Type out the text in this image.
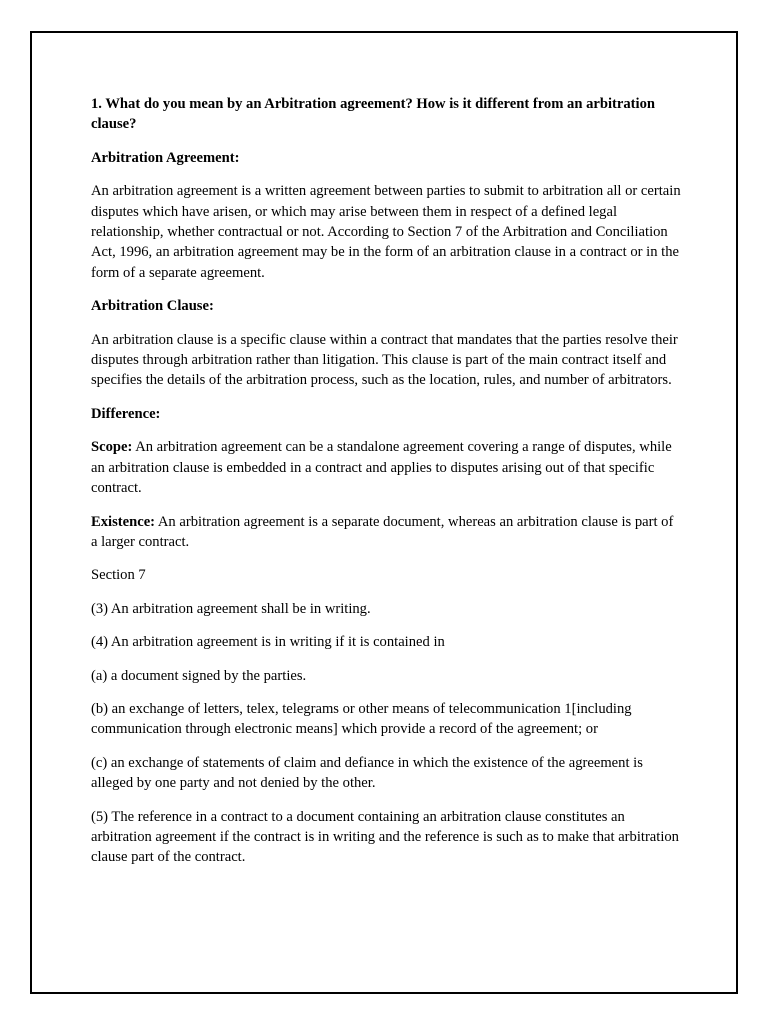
1. What do you mean by an Arbitration agreement? How is it different from an arbitration clause?
Arbitration Agreement:

An arbitration agreement is a written agreement between parties to submit to arbitration all or certain disputes which have arisen, or which may arise between them in respect of a defined legal relationship, whether contractual or not. According to Section 7 of the Arbitration and Conciliation Act, 1996, an arbitration agreement may be in the form of an arbitration clause in a contract or in the form of a separate agreement.

Arbitration Clause:

An arbitration clause is a specific clause within a contract that mandates that the parties resolve their disputes through arbitration rather than litigation. This clause is part of the main contract itself and specifies the details of the arbitration process, such as the location, rules, and number of arbitrators.

Difference:

Scope: An arbitration agreement can be a standalone agreement covering a range of disputes, while an arbitration clause is embedded in a contract and applies to disputes arising out of that specific contract.

Existence: An arbitration agreement is a separate document, whereas an arbitration clause is part of a larger contract.

Section 7

(3) An arbitration agreement shall be in writing.

(4) An arbitration agreement is in writing if it is contained in

(a) a document signed by the parties.

(b) an exchange of letters, telex, telegrams or other means of telecommunication 1[including communication through electronic means] which provide a record of the agreement; or

(c) an exchange of statements of claim and defiance in which the existence of the agreement is alleged by one party and not denied by the other.

(5) The reference in a contract to a document containing an arbitration clause constitutes an arbitration agreement if the contract is in writing and the reference is such as to make that arbitration clause part of the contract.
